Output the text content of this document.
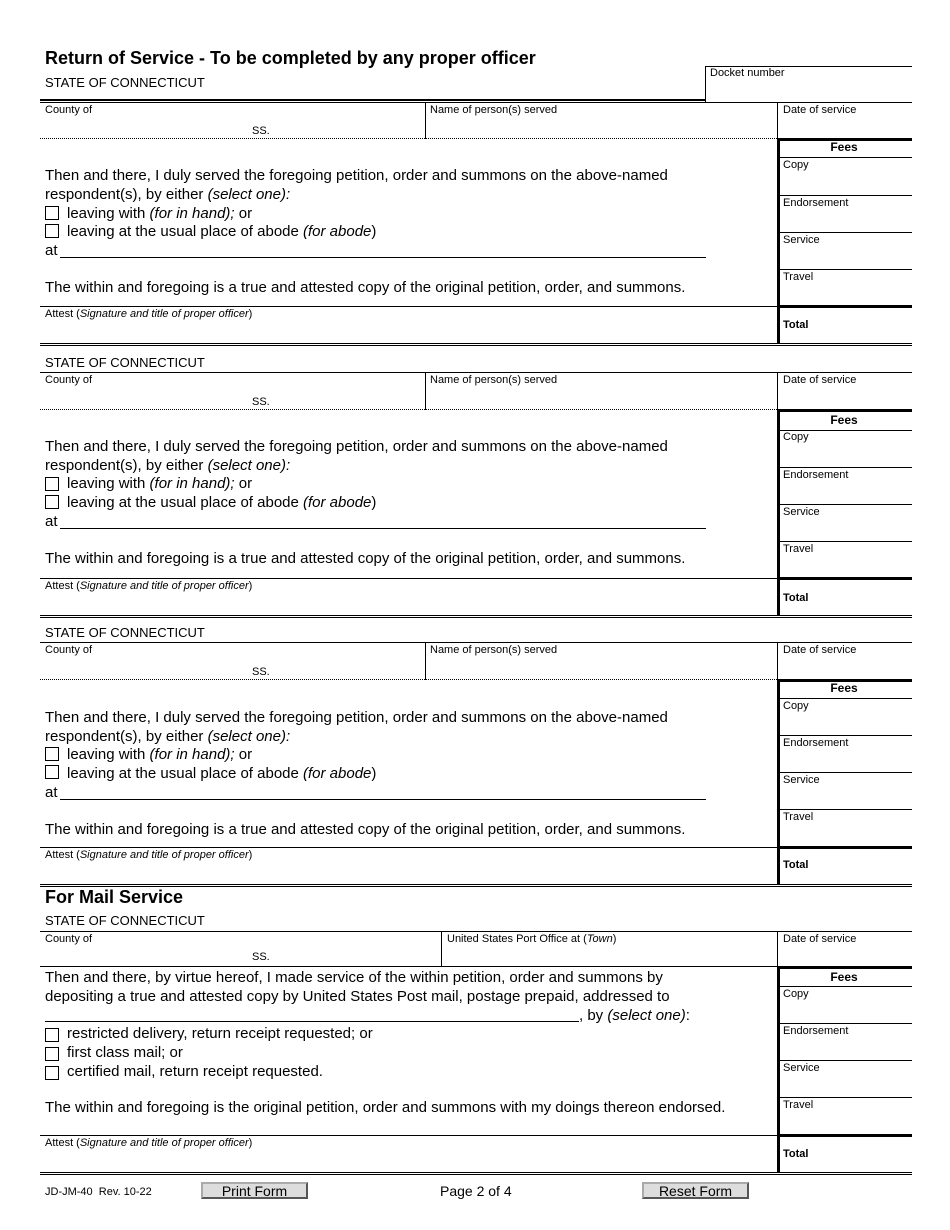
Return of Service - To be completed by any proper officer
STATE OF CONNECTICUT
Docket number
County of
SS.
Name of person(s) served	Date of service
Then and there, I duly served the foregoing petition, order and summons on the above-named
respondent(s), by either (select one):
leaving with (for in hand); or
leaving at the usual place of abode (for abode)
at
The within and foregoing is a true and attested copy of the original petition, order, and summons.
Attest (Signature and title of proper officer)
Fees
Copy
Endorsement
Service
Travel
Total
STATE OF CONNECTICUT
County of
SS.
Name of person(s) served	Date of service
Then and there, I duly served the foregoing petition, order and summons on the above-named
respondent(s), by either (select one):
leaving with (for in hand); or
leaving at the usual place of abode (for abode)
at
The within and foregoing is a true and attested copy of the original petition, order, and summons.
Attest (Signature and title of proper officer)
Fees
Copy
Endorsement
Service
Travel
Total
STATE OF CONNECTICUT
County of
SS.
Name of person(s) served	Date of service
Then and there, I duly served the foregoing petition, order and summons on the above-named
respondent(s), by either (select one):
leaving with (for in hand); or
leaving at the usual place of abode (for abode)
at
The within and foregoing is a true and attested copy of the original petition, order, and summons.
Attest (Signature and title of proper officer)
Fees
Copy
Endorsement
Service
Travel
Total
For Mail Service
STATE OF CONNECTICUT
County of
SS.
United States Port Office at (Town)	Date of service
Then and there, by virtue hereof, I made service of the within petition, order and summons by
depositing a true and attested copy by United States Post mail, postage prepaid, addressed to
, by (select one):
restricted delivery, return receipt requested; or
first class mail; or
certified mail, return receipt requested.
The within and foregoing is the original petition, order and summons with my doings thereon endorsed.
Attest (Signature and title of proper officer)
Fees
Copy
Endorsement
Service
Travel
Total
JD-JM-40  Rev. 10-22	Print Form	Page 2 of 4	Reset Form
